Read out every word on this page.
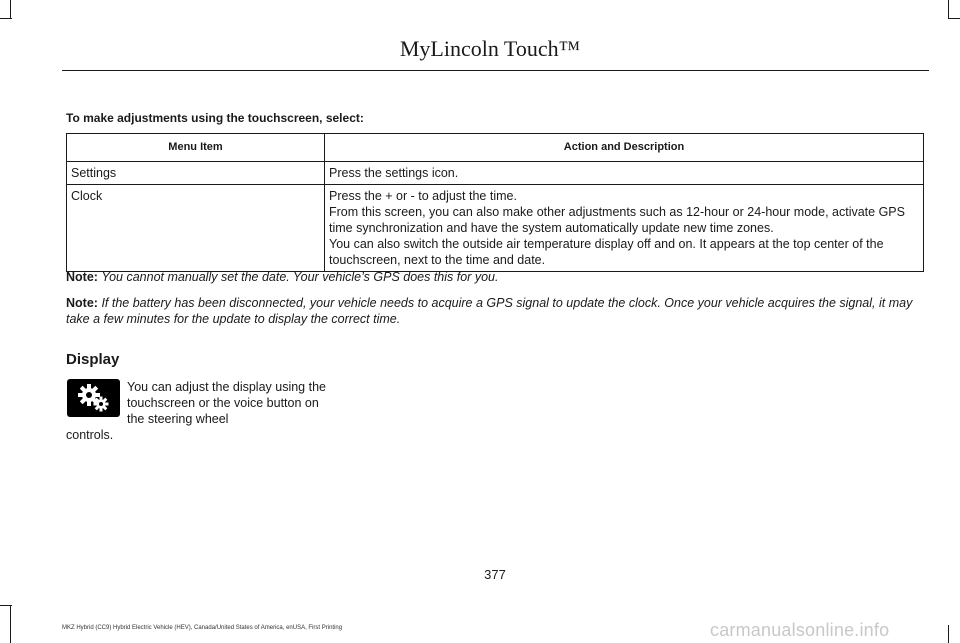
MyLincoln Touch™
To make adjustments using the touchscreen, select:
Menu Item	Action and Description
Settings	Press the settings icon.

Clock	Press the + or - to adjust the time.

From this screen, you can also make other adjustments such as 12-hour or 24-hour mode, activate GPS time synchronization and have the system automatically update new time zones.

You can also switch the outside air temperature display off and on. It appears at the top center of the touchscreen, next to the time and date.

Note: You cannot manually set the date. Your vehicle’s GPS does this for you.
Note: If the battery has been disconnected, your vehicle needs to acquire a GPS signal to update the clock. Once your vehicle acquires the signal, it may take a few minutes for the update to display the correct time.
Display
You can adjust the display using the touchscreen or the voice button on the steering wheel
controls.
377
MKZ Hybrid (CC9) Hybrid Electric Vehicle (HEV), Canada/United States of America, enUSA, First Printing	carmanualsonline.info
